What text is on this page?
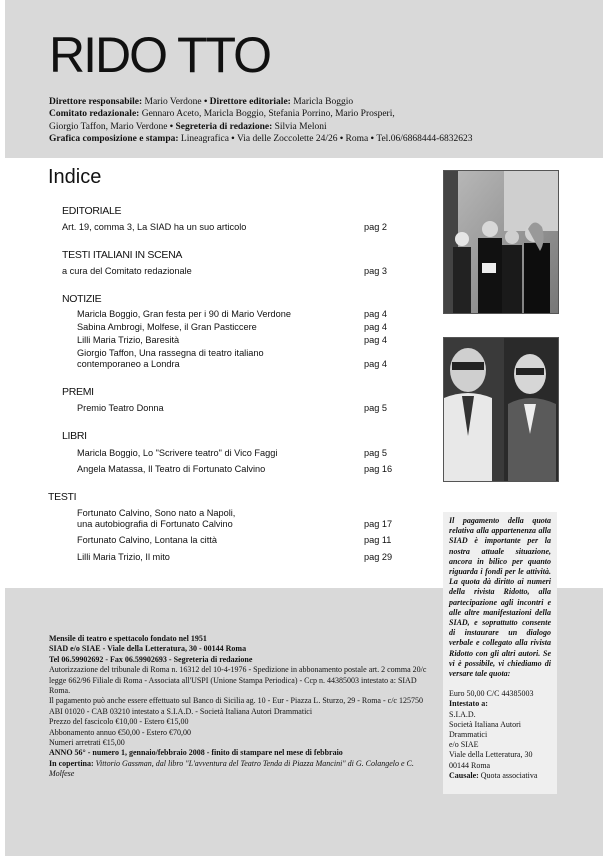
RIDO TTO
Direttore responsabile: Mario Verdone • Direttore editoriale: Maricla Boggio
Comitato redazionale: Gennaro Aceto, Maricla Boggio, Stefania Porrino, Mario Prosperi,
Giorgio Taffon, Mario Verdone • Segreteria di redazione: Silvia Meloni
Grafica composizione e stampa: Lineagrafica • Via delle Zoccolette 24/26 • Roma • Tel.06/6868444-6832623
Indice
EDITORIALE
Art. 19, comma 3, La SIAD ha un suo articolo	pag 2
TESTI ITALIANI IN SCENA
a cura del Comitato redazionale	pag 3
NOTIZIE
Maricla Boggio, Gran festa per i 90 di Mario Verdone	pag 4
Sabina Ambrogi, Molfese, il Gran Pasticcere	pag 4
Lilli Maria Trizio, Baresità	pag 4
Giorgio Taffon, Una rassegna di teatro italiano
contemporaneo a Londra	pag 4
PREMI
Premio Teatro Donna	pag 5
LIBRI
Maricla Boggio, Lo "Scrivere teatro" di Vico Faggi	pag 5
Angela Matassa, Il Teatro di Fortunato Calvino	pag 16
TESTI
Fortunato Calvino, Sono nato a Napoli,
una autobiografia di Fortunato Calvino	pag 17
Fortunato Calvino, Lontana la città	pag 11
Lilli Maria Trizio, Il mito	pag 29
Il pagamento della quota relativa alla appartenenza alla SIAD è importante per la nostra attuale situazione, ancora in bilico per quanto riguarda i fondi per le attività. La quota dà diritto ai numeri della rivista Ridotto, alla partecipazione agli incontri e alle altre manifestazioni della SIAD, e soprattutto consente di instaurare un dialogo verbale e collegato alla rivista Ridotto con gli altri autori. Se vi è possibile, vi chiediamo di versare tale quota:
Euro 50,00 C/C 44385003
Intestato a:
S.I.A.D.
Società Italiana Autori Drammatici
e/o SIAE
Viale della Letteratura, 30
00144 Roma
Causale: Quota associativa
Mensile di teatro e spettacolo fondato nel 1951
SIAD e/o SIAE - Viale della Letteratura, 30 - 00144 Roma
Tel 06.59902692 - Fax 06.59902693 - Segreteria di redazione
Autorizzazione del tribunale di Roma n. 16312 del 10-4-1976 - Spedizione in abbonamento postale art. 2 comma 20/c legge 662/96 Filiale di Roma - Associata all'USPI (Unione Stampa Periodica) - Ccp n. 44385003 intestato a: SIAD Roma.
Il pagamento può anche essere effettuato sul Banco di Sicilia ag. 10 - Eur - Piazza L. Sturzo, 29 - Roma - c/c 125750
ABI 01020 - CAB 03210 intestato a S.I.A.D. - Società Italiana Autori Drammatici
Prezzo del fascicolo €10,00 - Estero €15,00
Abbonamento annuo €50,00 - Estero €70,00
Numeri arretrati €15,00
ANNO 56° - numero 1, gennaio/febbraio 2008 - finito di stampare nel mese di febbraio
In copertina: Vittorio Gassman, dal libro "L'avventura del Teatro Tenda di Piazza Mancini" di G. Colangelo e C. Molfese
